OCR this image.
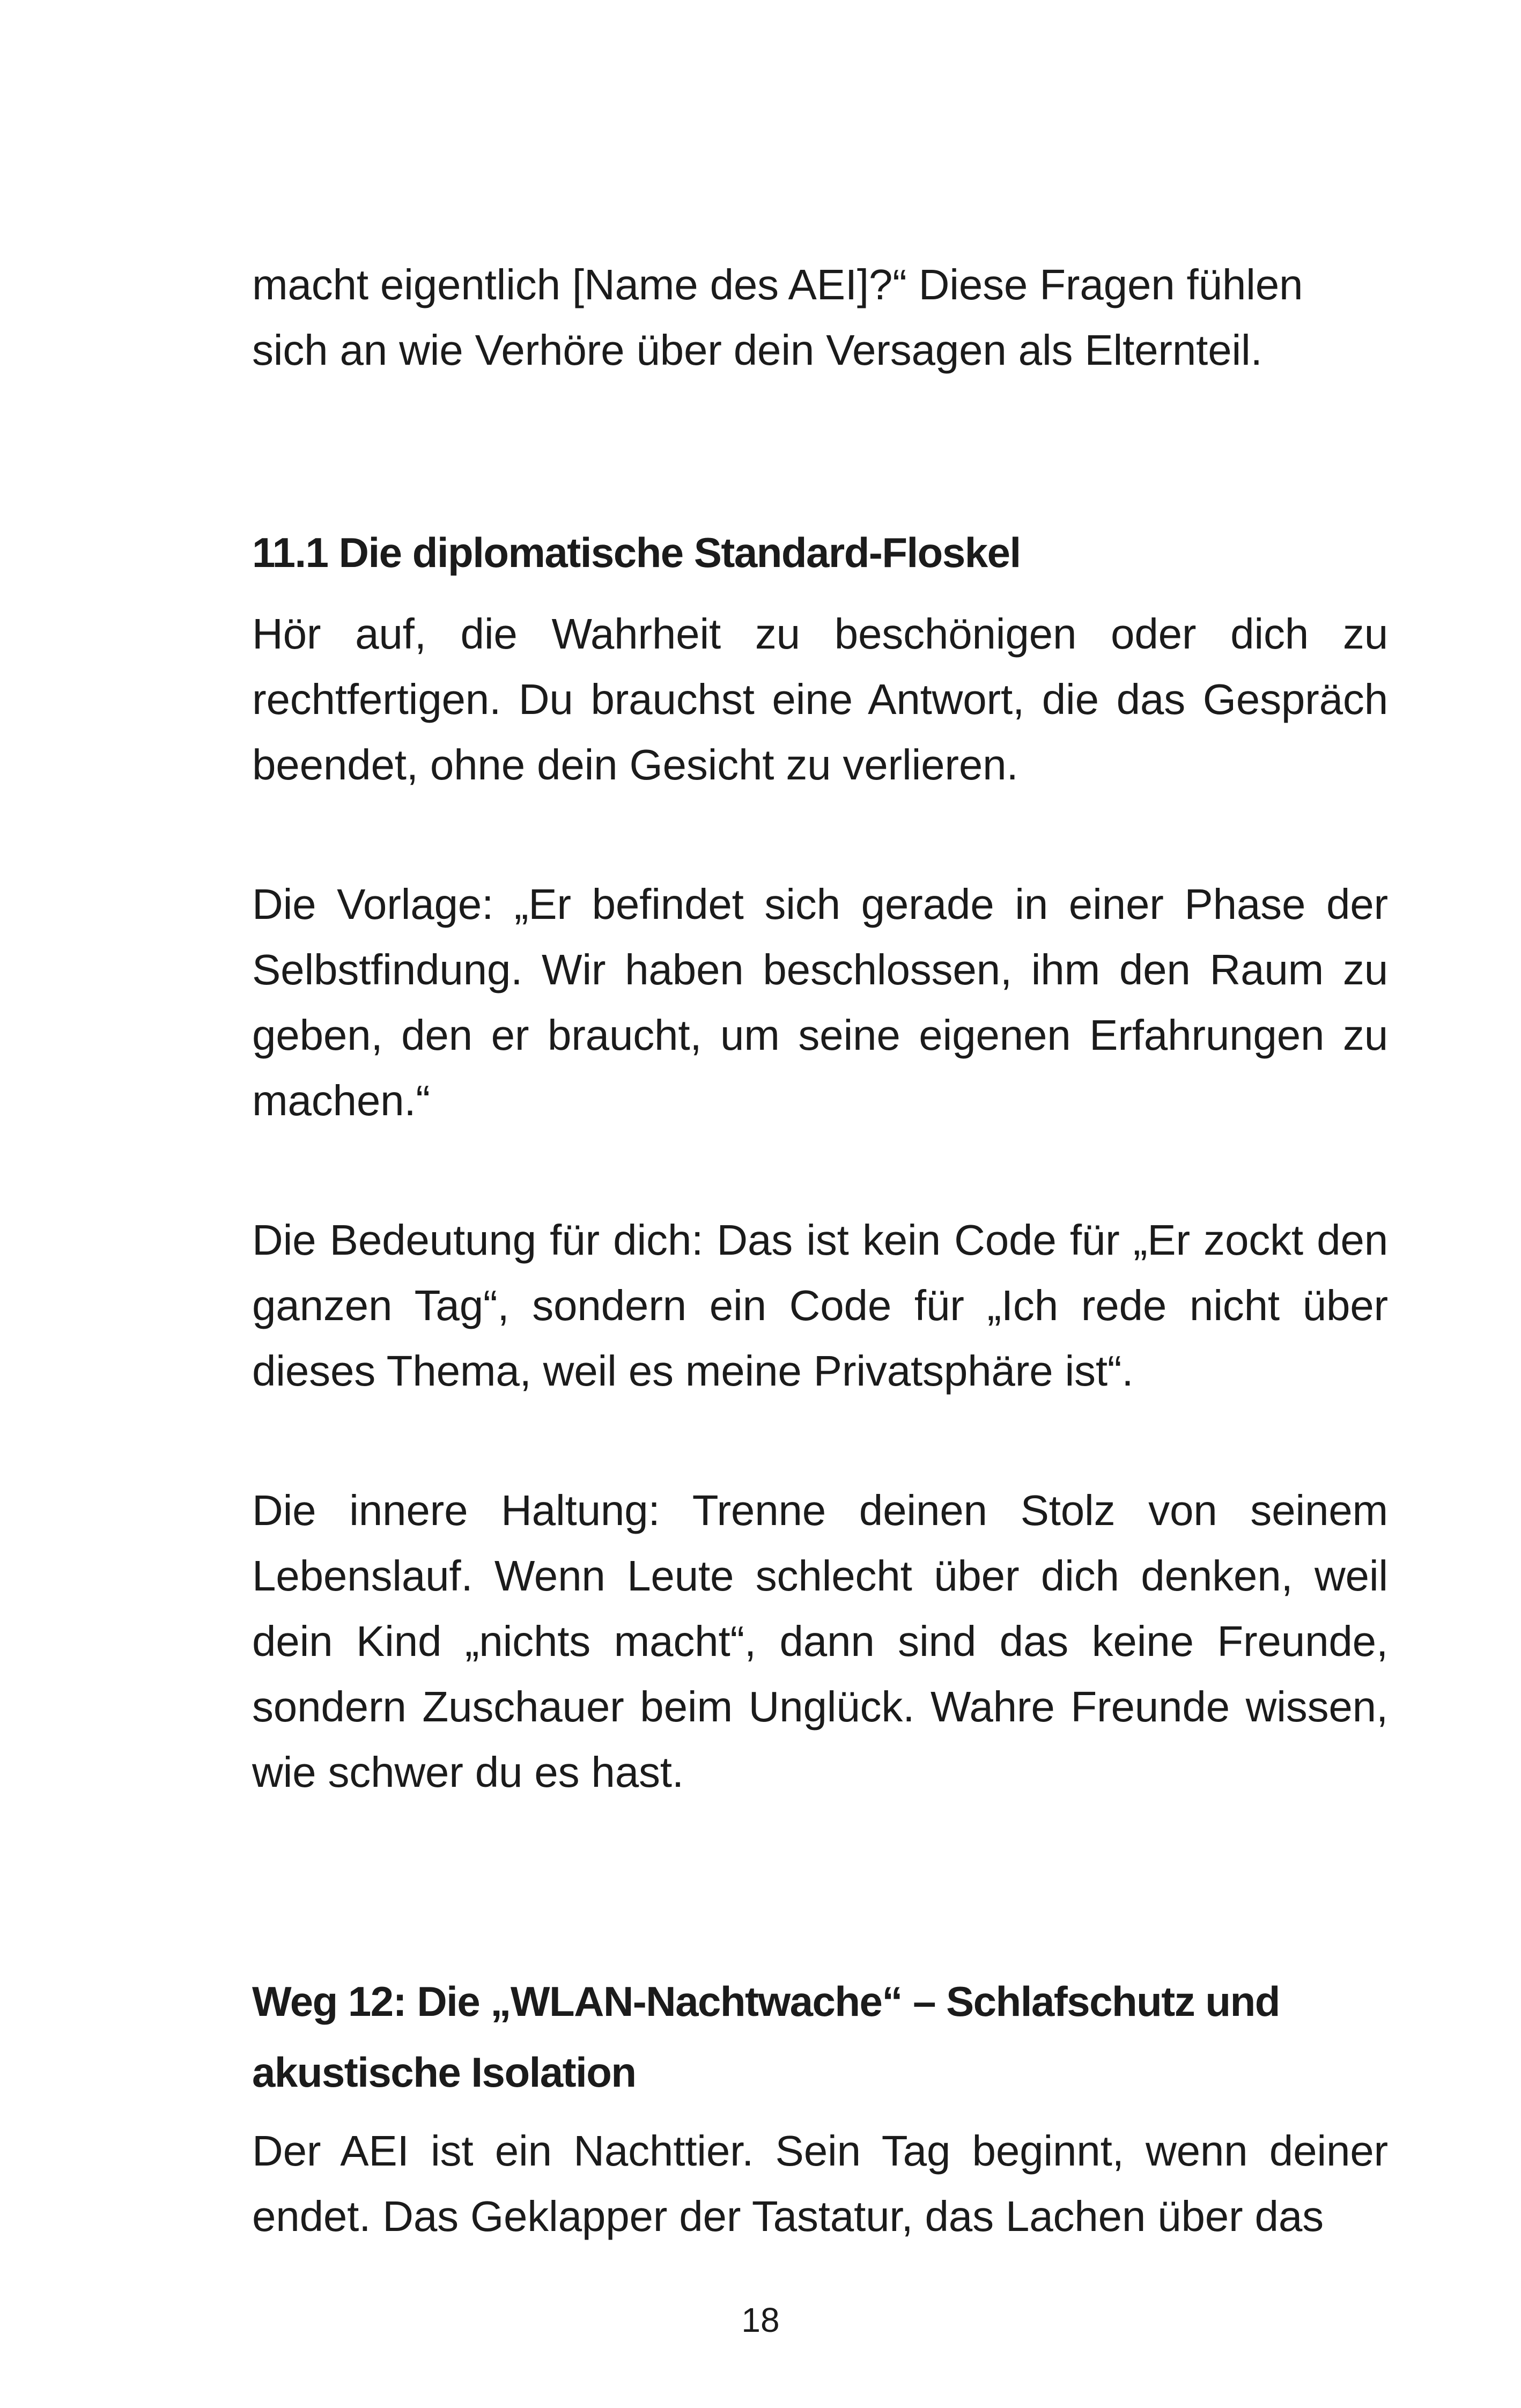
macht eigentlich [Name des AEI]?“ Diese Fragen fühlen sich an wie Verhöre über dein Versagen als Elternteil.

11.1 Die diplomatische Standard-Floskel

Hör auf, die Wahrheit zu beschönigen oder dich zu rechtfertigen. Du brauchst eine Antwort, die das Gespräch beendet, ohne dein Gesicht zu verlieren.

Die Vorlage: „Er befindet sich gerade in einer Phase der Selbstfindung. Wir haben beschlossen, ihm den Raum zu geben, den er braucht, um seine eigenen Erfahrungen zu machen.“

Die Bedeutung für dich: Das ist kein Code für „Er zockt den ganzen Tag“, sondern ein Code für „Ich rede nicht über dieses Thema, weil es meine Privatsphäre ist“.

Die innere Haltung: Trenne deinen Stolz von seinem Lebenslauf. Wenn Leute schlecht über dich denken, weil dein Kind „nichts macht“, dann sind das keine Freunde, sondern Zuschauer beim Unglück. Wahre Freunde wissen, wie schwer du es hast.

Weg 12: Die „WLAN-Nachtwache“ – Schlafschutz und akustische Isolation

Der AEI ist ein Nachttier. Sein Tag beginnt, wenn deiner endet. Das Geklapper der Tastatur, das Lachen über das

18
